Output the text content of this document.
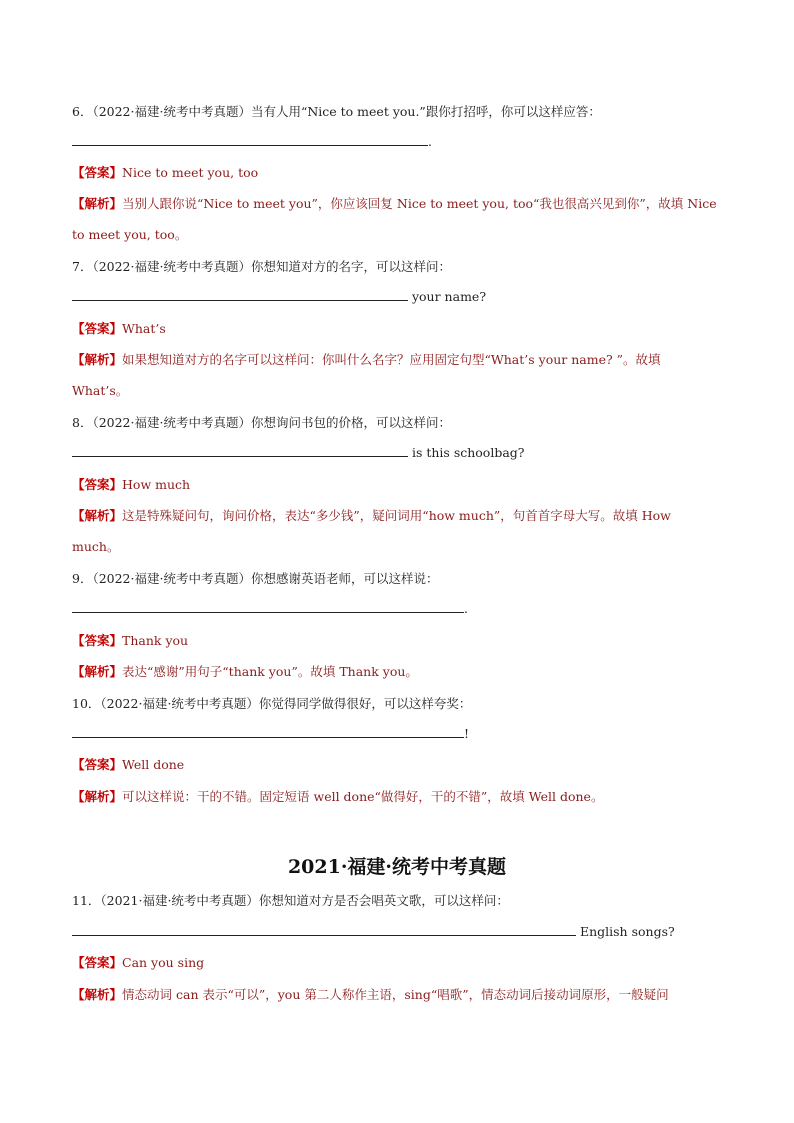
6．（2022·福建·统考中考真题）当有人用“Nice to meet you.”跟你打招呼，你可以这样应答：
.
【答案】Nice to meet you, too
【解析】当别人跟你说“Nice to meet you”，你应该回复 Nice to meet you, too“我也很高兴见到你”，故填 Nice
to meet you, too。
7．（2022·福建·统考中考真题）你想知道对方的名字，可以这样问：
your name?
【答案】What’s
【解析】如果想知道对方的名字可以这样问：你叫什么名字？应用固定句型“What’s your name? ”。故填
What’s。
8．（2022·福建·统考中考真题）你想询问书包的价格，可以这样问：
is this schoolbag?
【答案】How much
【解析】这是特殊疑问句，询问价格，表达“多少钱”，疑问词用“how much”，句首首字母大写。故填 How
much。
9．（2022·福建·统考中考真题）你想感谢英语老师，可以这样说：
.
【答案】Thank you
【解析】表达“感谢”用句子“thank you”。故填 Thank you。
10．（2022·福建·统考中考真题）你觉得同学做得很好，可以这样夸奖：
!
【答案】Well done
【解析】可以这样说：干的不错。固定短语 well done“做得好，干的不错”，故填 Well done。
2021·福建·统考中考真题
11．（2021·福建·统考中考真题）你想知道对方是否会唱英文歌，可以这样问：
English songs?
【答案】Can you sing
【解析】情态动词 can 表示“可以”，you 第二人称作主语，sing“唱歌”，情态动词后接动词原形，一般疑问
